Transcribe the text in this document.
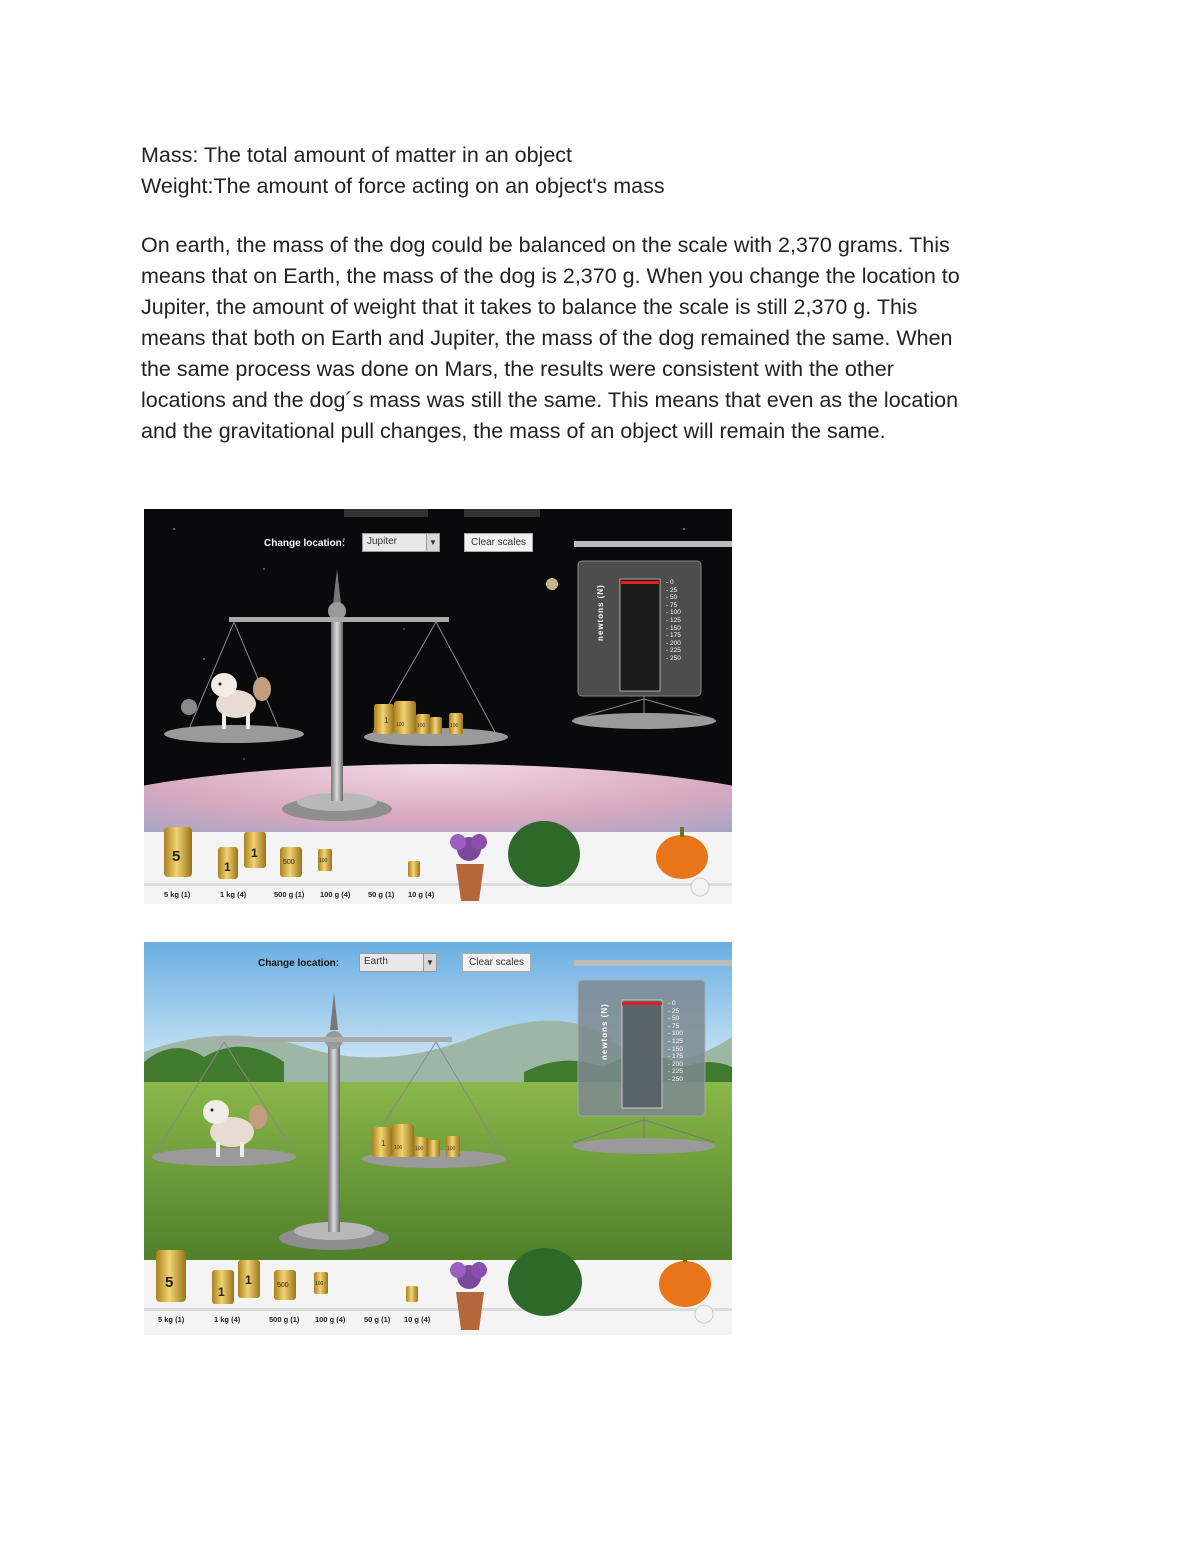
Mass: The total amount of matter in an object

Weight:The amount of force acting on an object's mass

On earth, the mass of the dog could be balanced on the scale with 2,370 grams. This

means that on Earth, the mass of the dog is 2,370 g. When you change the location to

Jupiter, the amount of weight that it takes to balance the scale is still 2,370 g. This

means that both on Earth and Jupiter, the mass of the dog remained the same. When

the same process was done on Mars, the results were consistent with the other

locations and the dog´s mass was still the same. This means that even as the location

and the gravitational pull changes, the mass of an object will remain the same.

1 100	100	100
5
1
1
500	100
Change location:	Jupiter	▼	Clear scales
newtons (N)
- 0
- 25
- 50
- 75
- 100
- 125
- 150
- 175
- 200
- 225
- 250
5 kg (1)	1 kg (4)	500 g (1) 100 g (4) 50 g (1) 10 g (4)
1 100	100	100
5
1
1	500	100
Change location:	Earth	▼	Clear scales
newtons (N)	- 0
- 25
- 50
- 75
- 100
- 125
- 150
- 175
- 200
- 225
- 250
5 kg (1)	1 kg (4)	500 g (1) 100 g (4) 50 g (1) 10 g (4)
